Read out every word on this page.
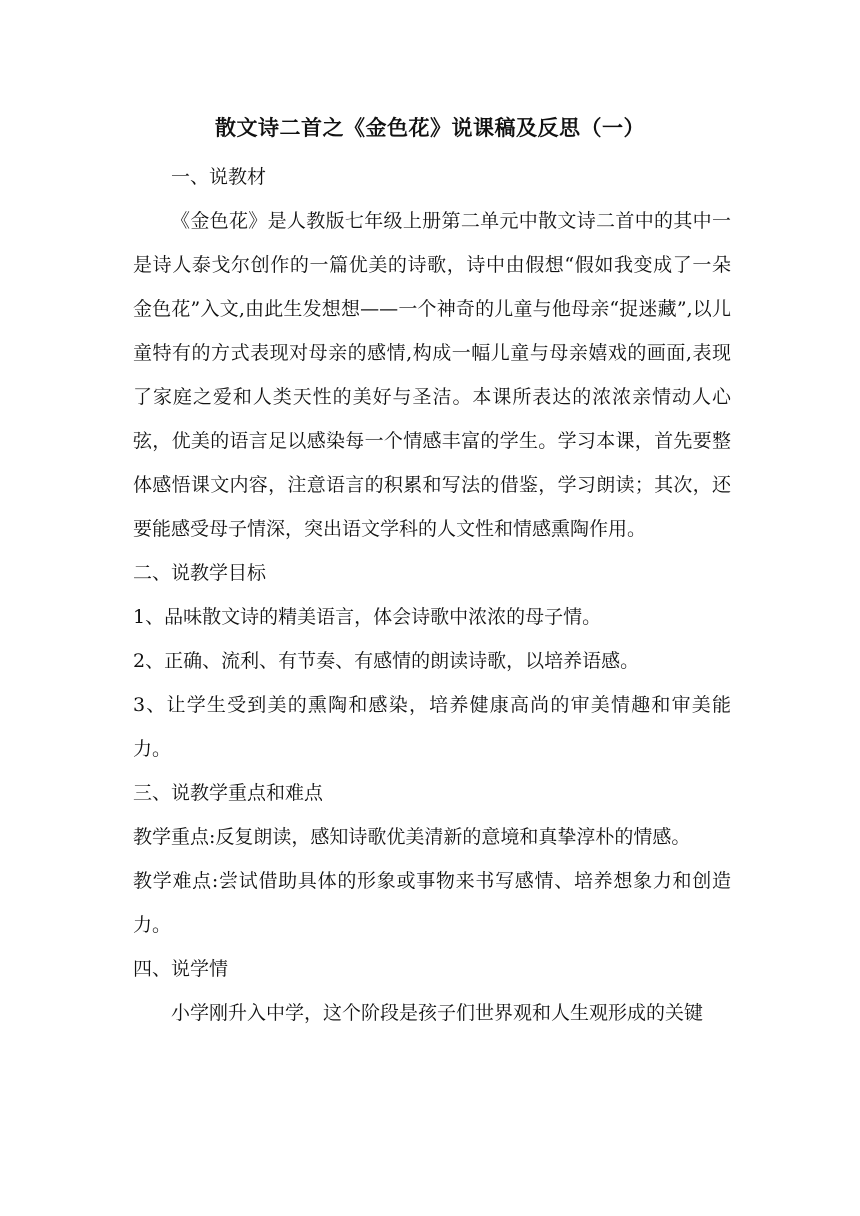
散文诗二首之《金色花》说课稿及反思（一）

一、说教材

《金色花》是人教版七年级上册第二单元中散文诗二首中的其中一是诗人泰戈尔创作的一篇优美的诗歌，诗中由假想“假如我变成了一朵金色花”入文,由此生发想想——一个神奇的儿童与他母亲“捉迷藏”,以儿童特有的方式表现对母亲的感情,构成一幅儿童与母亲嬉戏的画面,表现了家庭之爱和人类天性的美好与圣洁。本课所表达的浓浓亲情动人心弦，优美的语言足以感染每一个情感丰富的学生。学习本课，首先要整体感悟课文内容，注意语言的积累和写法的借鉴，学习朗读；其次，还要能感受母子情深，突出语文学科的人文性和情感熏陶作用。

二、说教学目标

1、品味散文诗的精美语言，体会诗歌中浓浓的母子情。

2、正确、流利、有节奏、有感情的朗读诗歌，以培养语感。

3、让学生受到美的熏陶和感染，培养健康高尚的审美情趣和审美能力。

三、说教学重点和难点

教学重点:反复朗读，感知诗歌优美清新的意境和真挚淳朴的情感。

教学难点:尝试借助具体的形象或事物来书写感情、培养想象力和创造力。

四、说学情

小学刚升入中学，这个阶段是孩子们世界观和人生观形成的关键
